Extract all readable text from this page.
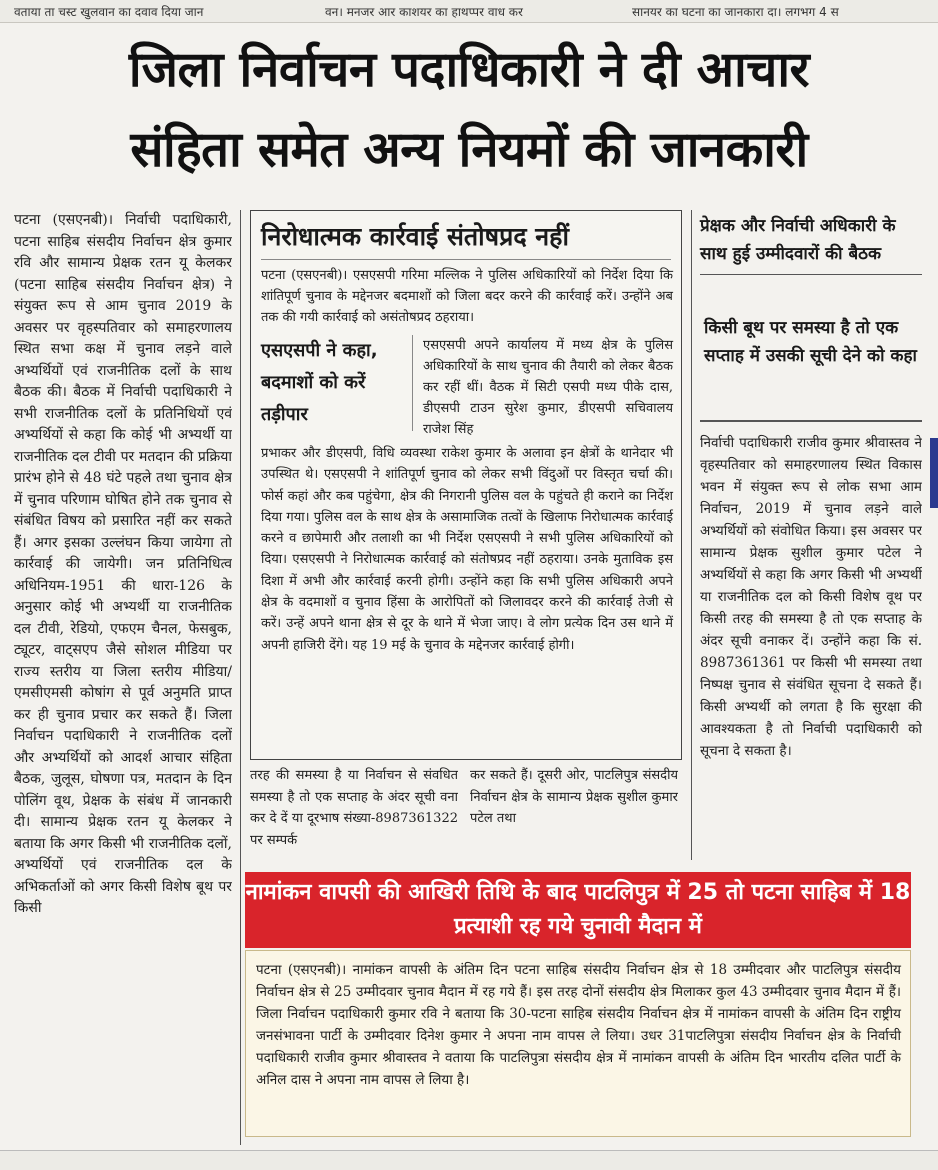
वताया ता चस्ट खुलवान का दवाव दिया जान	वन। मनजर आर काशयर का हाथप्पर वाध कर	सानयर का घटना का जानकारा दा। लगभग 4 स
जिला निर्वाचन पदाधिकारी ने दी आचार
संहिता समेत अन्य नियमों की जानकारी

पटना (एसएनबी)। निर्वाची पदाधिकारी, पटना साहिब संसदीय निर्वाचन क्षेत्र कुमार रवि और सामान्य प्रेक्षक रतन यू केलकर (पटना साहिब संसदीय निर्वाचन क्षेत्र) ने संयुक्त रूप से आम चुनाव 2019 के अवसर पर वृहस्पतिवार को समाहरणालय स्थित सभा कक्ष में चुनाव लड़ने वाले अभ्यर्थियों एवं राजनीतिक दलों के साथ बैठक की। बैठक में निर्वाची पदाधिकारी ने सभी राजनीतिक दलों के प्रतिनिधियों एवं अभ्यर्थियों से कहा कि कोई भी अभ्यर्थी या राजनीतिक दल टीवी पर मतदान की प्रक्रिया प्रारंभ होने से 48 घंटे पहले तथा चुनाव क्षेत्र में चुनाव परिणाम घोषित होने तक चुनाव से संबंधित विषय को प्रसारित नहीं कर सकते हैं। अगर इसका उल्लंघन किया जायेगा तो कार्रवाई की जायेगी। जन प्रतिनिधित्व अधिनियम-1951 की धारा-126 के अनुसार कोई भी अभ्यर्थी या राजनीतिक दल टीवी, रेडियो, एफएम चैनल, फेसबुक, ट्यूटर, वाट्सएप जैसे सोशल मीडिया पर राज्य स्तरीय या जिला स्तरीय मीडिया/ एमसीएमसी कोषांग से पूर्व अनुमति प्राप्त कर ही चुनाव प्रचार कर सकते हैं। जिला निर्वाचन पदाधिकारी ने राजनीतिक दलों और अभ्यर्थियों को आदर्श आचार संहिता बैठक, जुलूस, घोषणा पत्र, मतदान के दिन पोलिंग वूथ, प्रेक्षक के संबंध में जानकारी दी। सामान्य प्रेक्षक रतन यू केलकर ने बताया कि अगर किसी भी राजनीतिक दलों, अभ्यर्थियों एवं राजनीतिक दल के अभिकर्ताओं को अगर किसी विशेष बूथ पर किसी

निरोधात्मक कार्रवाई संतोषप्रद नहीं
पटना (एसएनबी)। एसएसपी गरिमा मल्लिक ने पुलिस अधिकारियों को निर्देश दिया कि शांतिपूर्ण चुनाव के मद्देनजर बदमाशों को जिला बदर करने की कार्रवाई करें। उन्होंने अब तक की गयी कार्रवाई को असंतोषप्रद ठहराया।
एसएसपी ने कहा, बदमाशों को करें तड़ीपार
एसएसपी अपने कार्यालय में मध्य क्षेत्र के पुलिस अधिकारियों के साथ चुनाव की तैयारी को लेकर बैठक कर रहीं थीं। वैठक में सिटी एसपी मध्य पीके दास, डीएसपी टाउन सुरेश कुमार, डीएसपी सचिवालय राजेश सिंह
प्रभाकर और डीएसपी, विधि व्यवस्था राकेश कुमार के अलावा इन क्षेत्रों के थानेदार भी उपस्थित थे। एसएसपी ने शांतिपूर्ण चुनाव को लेकर सभी विंदुओं पर विस्तृत चर्चा की। फोर्स कहां और कब पहुंचेगा, क्षेत्र की निगरानी पुलिस वल के पहुंचते ही कराने का निर्देश दिया गया। पुलिस वल के साथ क्षेत्र के असामाजिक तत्वों के खिलाफ निरोधात्मक कार्रवाई करने व छापेमारी और तलाशी का भी निर्देश एसएसपी ने सभी पुलिस अधिकारियों को दिया। एसएसपी ने निरोधात्मक कार्रवाई को संतोषप्रद नहीं ठहराया। उनके मुताविक इस दिशा में अभी और कार्रवाई करनी होगी। उन्होंने कहा कि सभी पुलिस अधिकारी अपने क्षेत्र के वदमाशों व चुनाव हिंसा के आरोपितों को जिलावदर करने की कार्रवाई तेजी से करें। उन्हें अपने थाना क्षेत्र से दूर के थाने में भेजा जाए। वे लोग प्रत्येक दिन उस थाने में अपनी हाजिरी देंगे। यह 19 मई के चुनाव के मद्देनजर कार्रवाई होगी।
तरह की समस्या है या निर्वाचन से संवधित समस्या है तो एक सप्ताह के अंदर सूची वना कर दे दें या दूरभाष संख्या-8987361322 पर सम्पर्क
कर सकते हैं। दूसरी ओर, पाटलिपुत्र संसदीय निर्वाचन क्षेत्र के सामान्य प्रेक्षक सुशील कुमार पटेल तथा
प्रेक्षक और निर्वाची अधिकारी के साथ हुई उम्मीदवारों की बैठक
किसी बूथ पर समस्या है तो एक सप्ताह में उसकी सूची देने को कहा
निर्वाची पदाधिकारी राजीव कुमार श्रीवास्तव ने वृहस्पतिवार को समाहरणालय स्थित विकास भवन में संयुक्त रूप से लोक सभा आम निर्वाचन, 2019 में चुनाव लड़ने वाले अभ्यर्थियों को संवोधित किया। इस अवसर पर सामान्य प्रेक्षक सुशील कुमार पटेल ने अभ्यर्थियों से कहा कि अगर किसी भी अभ्यर्थी या राजनीतिक दल को किसी विशेष वूथ पर किसी तरह की समस्या है तो एक सप्ताह के अंदर सूची वनाकर दें। उन्होंने कहा कि सं. 8987361361 पर किसी भी समस्या तथा निष्पक्ष चुनाव से संवंधित सूचना दे सकते हैं। किसी अभ्यर्थी को लगता है कि सुरक्षा की आवश्यकता है तो निर्वाची पदाधिकारी को सूचना दे सकता है।
नामांकन वापसी की आखिरी तिथि के बाद पाटलिपुत्र में 25 तो पटना साहिब में 18 प्रत्याशी रह गये चुनावी मैदान में
पटना (एसएनबी)। नामांकन वापसी के अंतिम दिन पटना साहिब संसदीय निर्वाचन क्षेत्र से 18 उम्मीदवार और पाटलिपुत्र संसदीय निर्वाचन क्षेत्र से 25 उम्मीदवार चुनाव मैदान में रह गये हैं। इस तरह दोनों संसदीय क्षेत्र मिलाकर कुल 43 उम्मीदवार चुनाव मैदान में हैं। जिला निर्वाचन पदाधिकारी कुमार रवि ने बताया कि 30-पटना साहिब संसदीय निर्वाचन क्षेत्र में नामांकन वापसी के अंतिम दिन राष्ट्रीय जनसंभावना पार्टी के उम्मीदवार दिनेश कुमार ने अपना नाम वापस ले लिया। उधर 31पाटलिपुत्रा संसदीय निर्वाचन क्षेत्र के निर्वाची पदाधिकारी राजीव कुमार श्रीवास्तव ने वताया कि पाटलिपुत्रा संसदीय क्षेत्र में नामांकन वापसी के अंतिम दिन भारतीय दलित पार्टी के अनिल दास ने अपना नाम वापस ले लिया है।
